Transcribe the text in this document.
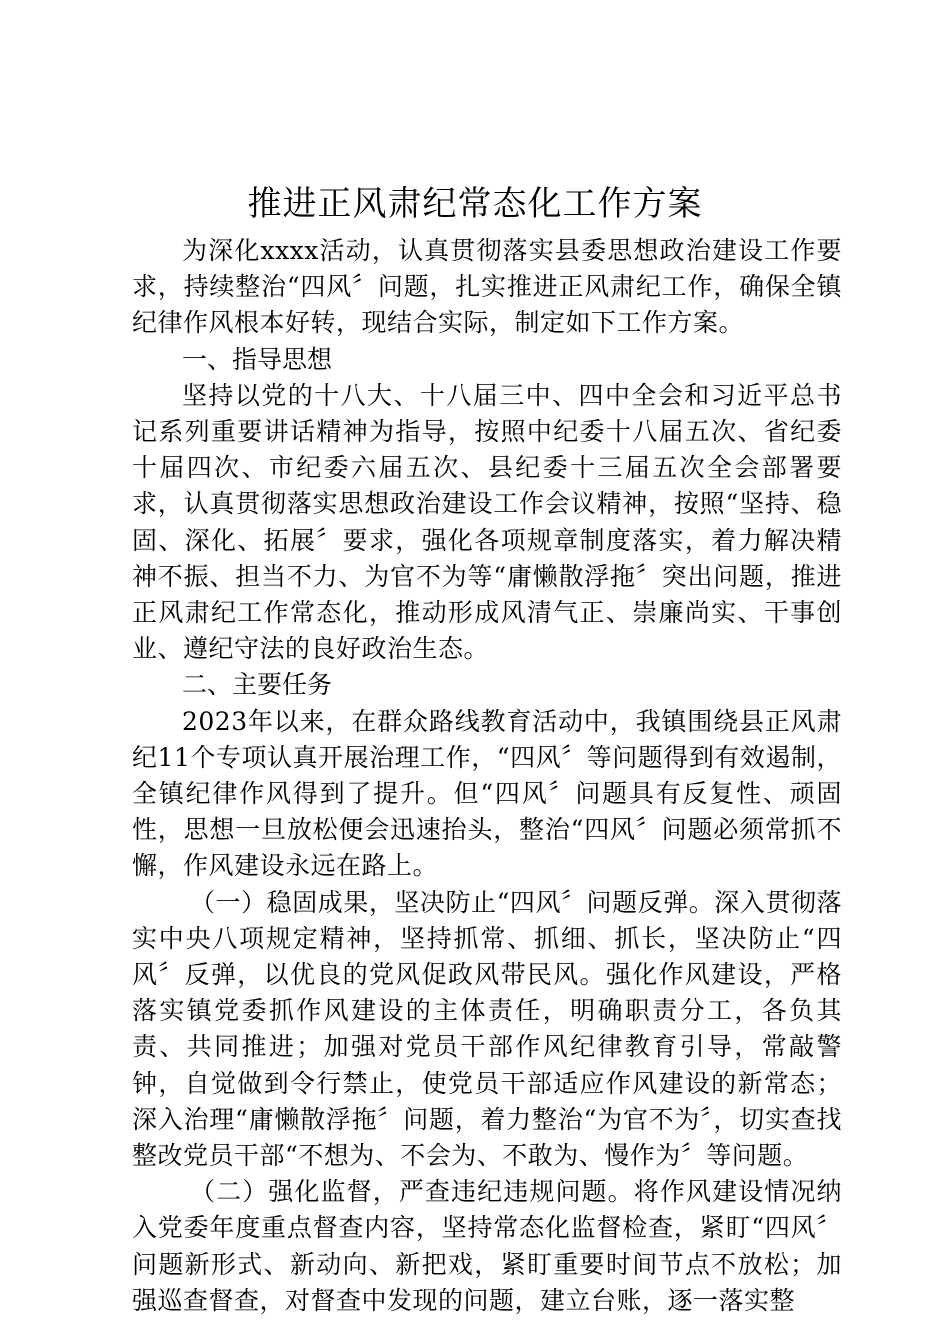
推进正风肃纪常态化工作方案

为深化xxxx活动，认真贯彻落实县委思想政治建设工作要求，持续整治“四风〞问题，扎实推进正风肃纪工作，确保全镇纪律作风根本好转，现结合实际，制定如下工作方案。

一、指导思想

坚持以党的十八大、十八届三中、四中全会和习近平总书记系列重要讲话精神为指导，按照中纪委十八届五次、省纪委十届四次、市纪委六届五次、县纪委十三届五次全会部署要求，认真贯彻落实思想政治建设工作会议精神，按照“坚持、稳固、深化、拓展〞要求，强化各项规章制度落实，着力解决精神不振、担当不力、为官不为等“庸懒散浮拖〞突出问题，推进正风肃纪工作常态化，推动形成风清气正、崇廉尚实、干事创业、遵纪守法的良好政治生态。

二、主要任务

2023年以来，在群众路线教育活动中，我镇围绕县正风肃纪11个专项认真开展治理工作，“四风〞等问题得到有效遏制，全镇纪律作风得到了提升。但“四风〞问题具有反复性、顽固性，思想一旦放松便会迅速抬头，整治“四风〞问题必须常抓不懈，作风建设永远在路上。

（一）稳固成果，坚决防止“四风〞问题反弹。深入贯彻落实中央八项规定精神，坚持抓常、抓细、抓长，坚决防止“四风〞反弹，以优良的党风促政风带民风。强化作风建设，严格落实镇党委抓作风建设的主体责任，明确职责分工，各负其责、共同推进；加强对党员干部作风纪律教育引导，常敲警钟，自觉做到令行禁止，使党员干部适应作风建设的新常态；深入治理“庸懒散浮拖〞问题，着力整治“为官不为〞，切实查找整改党员干部“不想为、不会为、不敢为、慢作为〞等问题。

（二）强化监督，严查违纪违规问题。将作风建设情况纳入党委年度重点督查内容，坚持常态化监督检查，紧盯“四风〞问题新形式、新动向、新把戏，紧盯重要时间节点不放松；加强巡查督查，对督查中发现的问题，建立台账，逐一落实整
